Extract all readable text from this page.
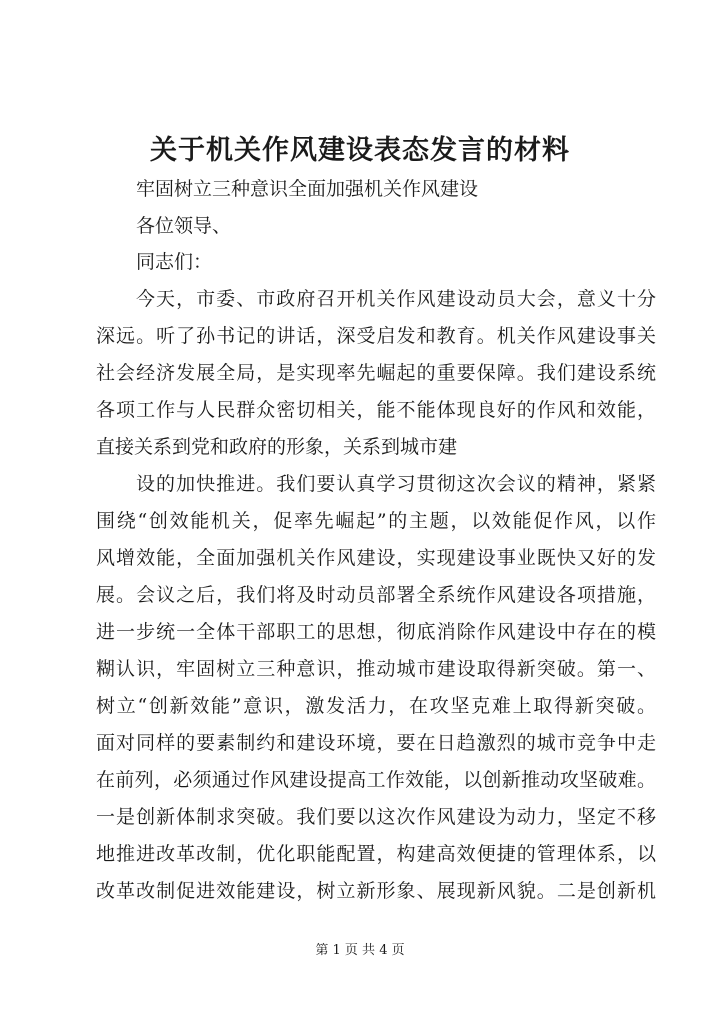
关于机关作风建设表态发言的材料
牢固树立三种意识全面加强机关作风建设
各位领导、
同志们：
今天，市委、市政府召开机关作风建设动员大会，意义十分
深远。听了孙书记的讲话，深受启发和教育。机关作风建设事关
社会经济发展全局，是实现率先崛起的重要保障。我们建设系统
各项工作与人民群众密切相关，能不能体现良好的作风和效能，
直接关系到党和政府的形象，关系到城市建
设的加快推进。我们要认真学习贯彻这次会议的精神，紧紧
围绕“创效能机关，促率先崛起”的主题，以效能促作风，以作
风增效能，全面加强机关作风建设，实现建设事业既快又好的发
展。会议之后，我们将及时动员部署全系统作风建设各项措施，
进一步统一全体干部职工的思想，彻底消除作风建设中存在的模
糊认识，牢固树立三种意识，推动城市建设取得新突破。第一、
树立“创新效能”意识，激发活力，在攻坚克难上取得新突破。
面对同样的要素制约和建设环境，要在日趋激烈的城市竞争中走
在前列，必须通过作风建设提高工作效能，以创新推动攻坚破难。
一是创新体制求突破。我们要以这次作风建设为动力，坚定不移
地推进改革改制，优化职能配置，构建高效便捷的管理体系，以
改革改制促进效能建设，树立新形象、展现新风貌。二是创新机
第 1 页 共 4 页
